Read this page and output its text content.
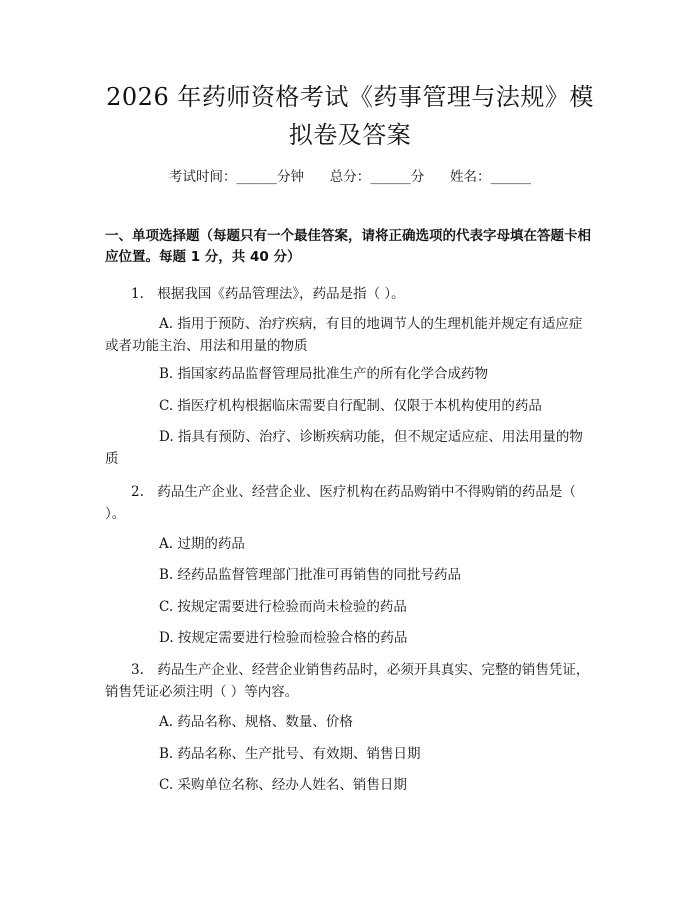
2026 年药师资格考试《药事管理与法规》模拟卷及答案
考试时间：______分钟      总分：______分      姓名：______
一、单项选择题（每题只有一个最佳答案，请将正确选项的代表字母填在答题卡相应位置。每题 1 分，共 40 分）
1.　根据我国《药品管理法》，药品是指（ ）。
A. 指用于预防、治疗疾病，有目的地调节人的生理机能并规定有适应症或者功能主治、用法和用量的物质
B. 指国家药品监督管理局批准生产的所有化学合成药物
C. 指医疗机构根据临床需要自行配制、仅限于本机构使用的药品
D. 指具有预防、治疗、诊断疾病功能，但不规定适应症、用法用量的物质
2.　药品生产企业、经营企业、医疗机构在药品购销中不得购销的药品是（ ）。
A. 过期的药品
B. 经药品监督管理部门批准可再销售的同批号药品
C. 按规定需要进行检验而尚未检验的药品
D. 按规定需要进行检验而检验合格的药品
3.　药品生产企业、经营企业销售药品时，必须开具真实、完整的销售凭证，销售凭证必须注明（ ）等内容。
A. 药品名称、规格、数量、价格
B. 药品名称、生产批号、有效期、销售日期
C. 采购单位名称、经办人姓名、销售日期
